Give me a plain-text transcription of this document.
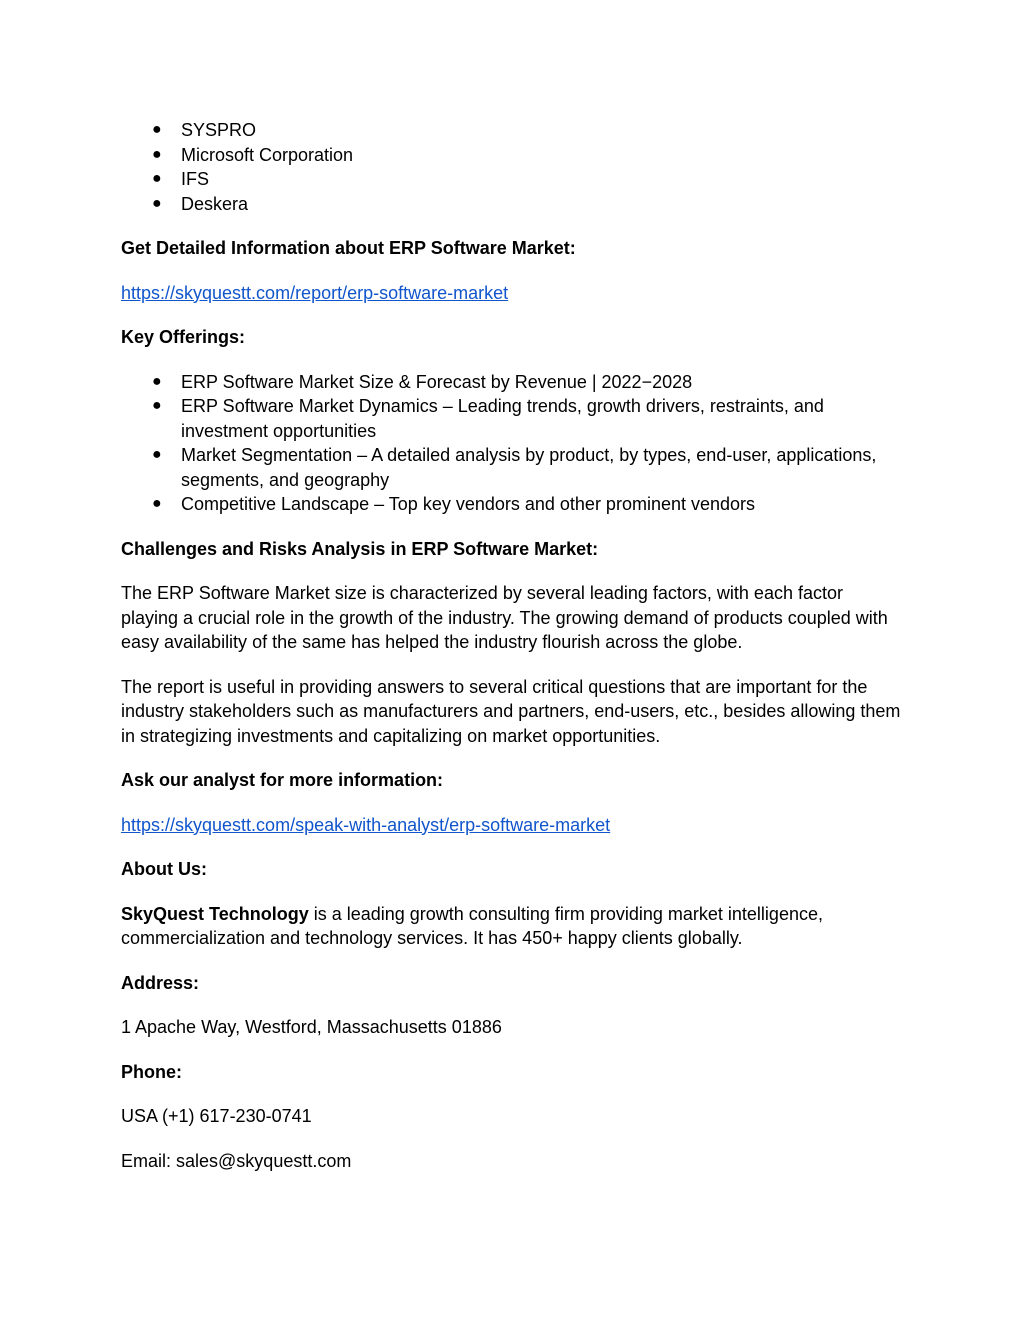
● SYSPRO
● Microsoft Corporation
● IFS
● Deskera

Get Detailed Information about ERP Software Market:

https://skyquestt.com/report/erp-software-market

Key Offerings:

● ERP Software Market Size & Forecast by Revenue | 2022−2028
● ERP Software Market Dynamics – Leading trends, growth drivers, restraints, and investment opportunities
● Market Segmentation – A detailed analysis by product, by types, end-user, applications, segments, and geography
● Competitive Landscape – Top key vendors and other prominent vendors

Challenges and Risks Analysis in ERP Software Market:

The ERP Software Market size is characterized by several leading factors, with each factor playing a crucial role in the growth of the industry. The growing demand of products coupled with easy availability of the same has helped the industry flourish across the globe.

The report is useful in providing answers to several critical questions that are important for the industry stakeholders such as manufacturers and partners, end-users, etc., besides allowing them in strategizing investments and capitalizing on market opportunities.

Ask our analyst for more information:

https://skyquestt.com/speak-with-analyst/erp-software-market

About Us:

SkyQuest Technology is a leading growth consulting firm providing market intelligence, commercialization and technology services. It has 450+ happy clients globally.

Address:

1 Apache Way, Westford, Massachusetts 01886

Phone:

USA (+1) 617-230-0741

Email: sales@skyquestt.com
